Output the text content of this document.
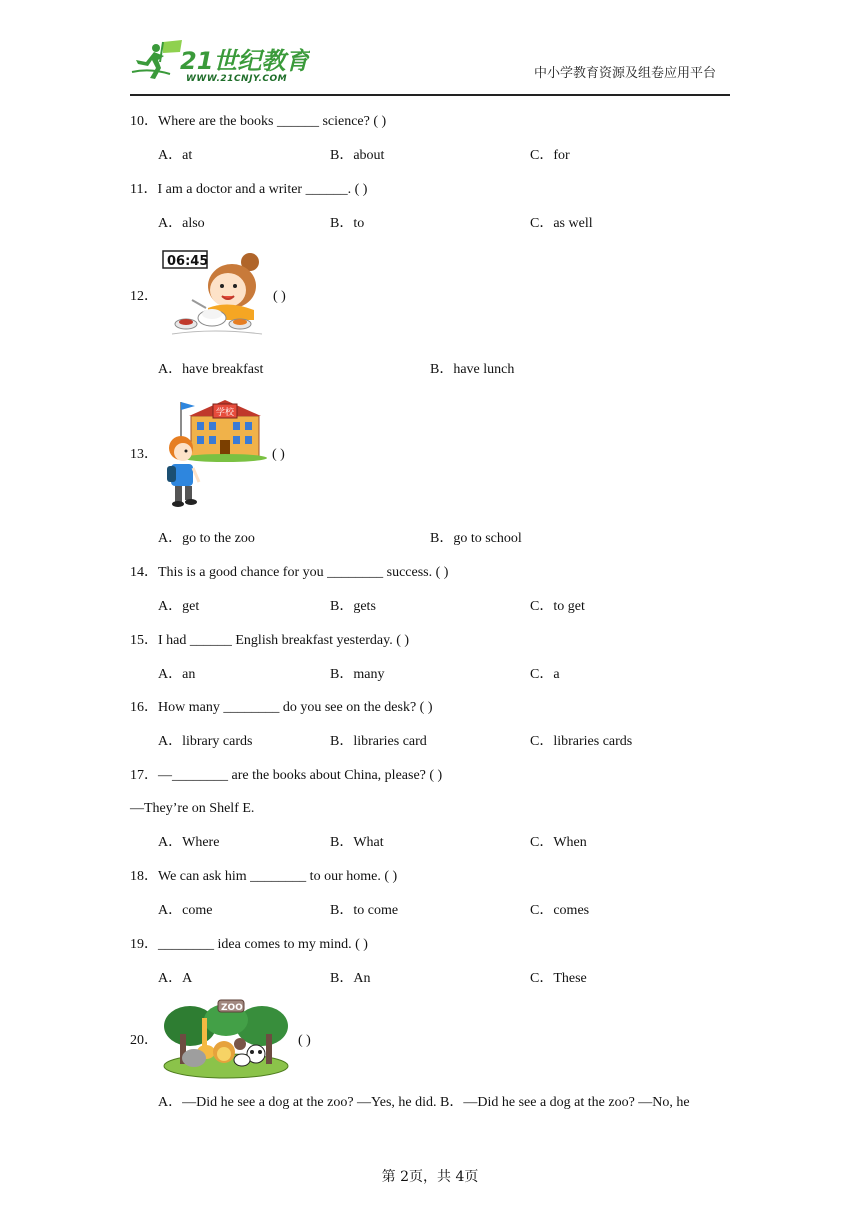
21世纪教育
WWW.21CNJY.COM	中小学教育资源及组卷应用平台
10．Where are the books ______ science? ( )
A．at	B．about	C．for
11．I am a doctor and a writer ______. ( )
A．also	B．to	C．as well
12．
06:45
( )
A．have breakfast	B．have lunch
13．
学校
( )
A．go to the zoo	B．go to school
14．This is a good chance for you ________ success. ( )
A．get	B．gets	C．to get
15．I had ______ English breakfast yesterday. ( )
A．an	B．many	C．a
16．How many ________ do you see on the desk? ( )
A．library cards	B．libraries card	C．libraries cards
17．—________ are the books about China, please? ( )
—They’re on Shelf E.
A．Where	B．What	C．When
18．We can ask him ________ to our home. ( )
A．come	B．to come	C．comes
19．________ idea comes to my mind. ( )
A．A	B．An	C．These
20．
ZOO
( )
A．—Did he see a dog at the zoo? —Yes, he did. B．—Did he see a dog at the zoo? —No, he
第 2页，共 4页
